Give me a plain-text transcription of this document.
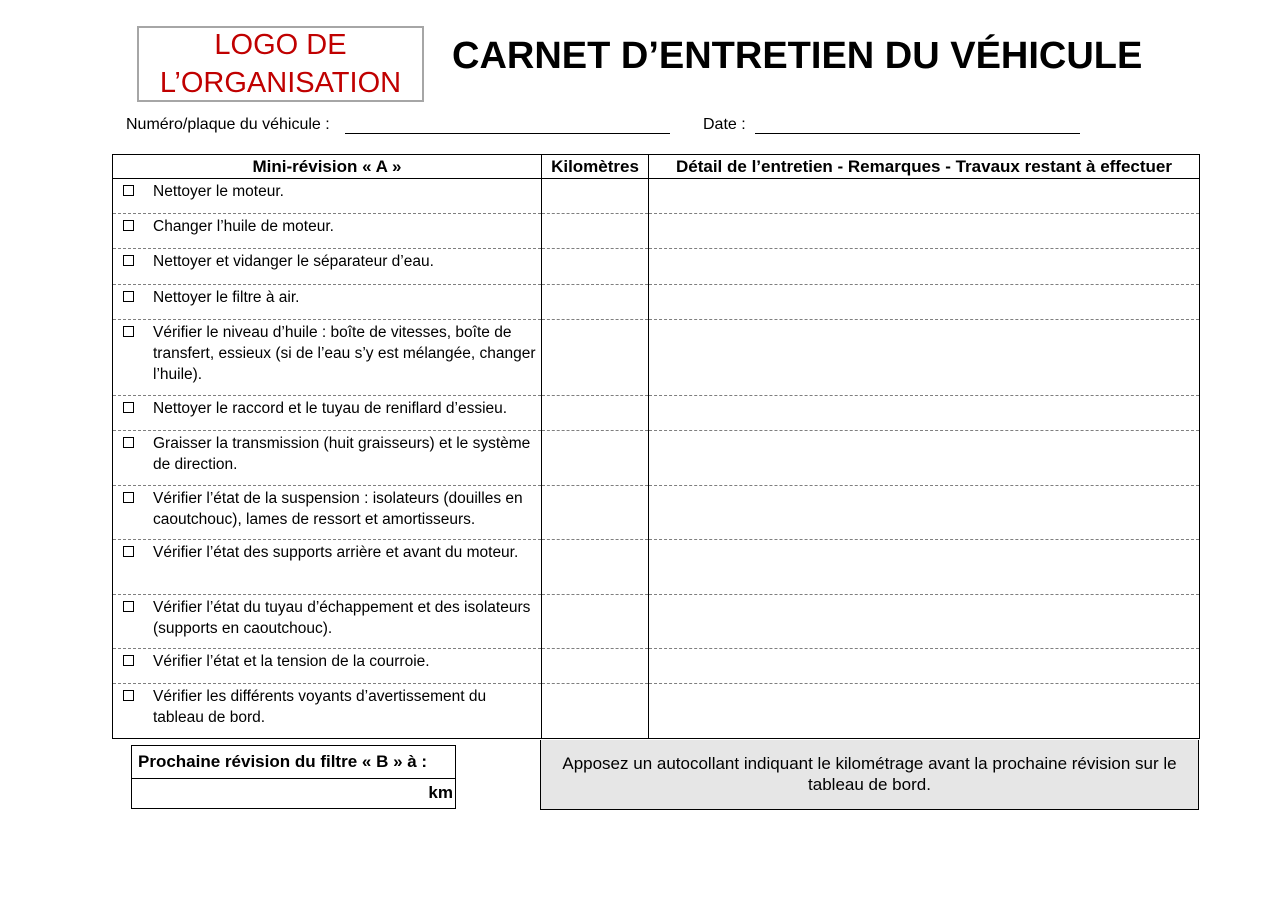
LOGO DE
L’ORGANISATION
CARNET D’ENTRETIEN DU VÉHICULE
Numéro/plaque du véhicule :	Date :
Mini-révision « A »	Kilomètres	Détail de l’entretien - Remarques - Travaux restant à effectuer

Nettoyer le moteur.		

Changer l’huile de moteur.		

Nettoyer et vidanger le séparateur d’eau.		

Nettoyer le filtre à air.		

Vérifier le niveau d’huile : boîte de vitesses, boîte de transfert, essieux (si de l’eau s’y est mélangée, changer l’huile).		

Nettoyer le raccord et le tuyau de reniflard d’essieu.		

Graisser la transmission (huit graisseurs) et le système de direction.		

Vérifier l’état de la suspension : isolateurs (douilles en caoutchouc), lames de ressort et amortisseurs.		

Vérifier l’état des supports arrière et avant du moteur.		

Vérifier l’état du tuyau d’échappement et des isolateurs (supports en caoutchouc).		

Vérifier l’état et la tension de la courroie.		

Vérifier les différents voyants d’avertissement du tableau de bord.		

Prochaine révision du filtre « B » à :
km
Apposez un autocollant indiquant le kilométrage avant la prochaine révision sur le tableau de bord.
